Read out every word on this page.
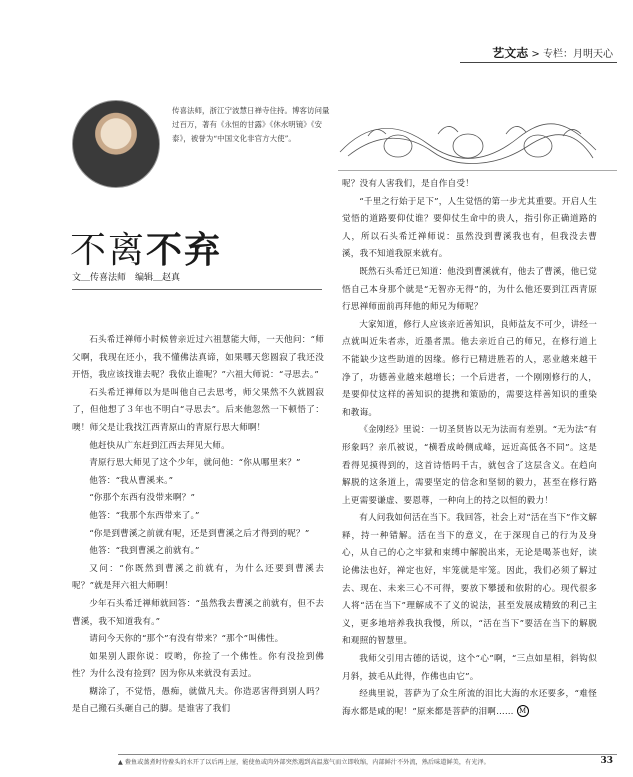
艺文志 > 专栏：月明天心
传喜法师，浙江宁波慧日禅寺住持。博客访问量过百万，著有《永恒的甘露》《休水明镜》《安泰》，被誉为“中国文化非官方大使”。
不离不弃
文＿传喜法师　编辑＿赵真

石头希迁禅师小时候曾亲近过六祖慧能大师，一天他问：“师父啊，我现在还小，我不懂佛法真谛，如果哪天您圆寂了我还没开悟，我应该找谁去呢？我依止谁呢？”六祖大师说：“寻思去。”

石头希迁禅师以为是叫他自己去思考，师父果然不久就圆寂了，但他想了３年也不明白“寻思去”。后来他忽然一下顿悟了：噢！师父是让我找江西青原山的青原行思大师啊！

他赶快从广东赶到江西去拜见大师。

青原行思大师见了这个少年，就问他：“你从哪里来？”

他答：“我从曹溪来。”

“你那个东西有没带来啊？”

他答：“我那个东西带来了。”

“你是到曹溪之前就有呢，还是到曹溪之后才得到的呢？”

他答：“我到曹溪之前就有。”

又问：“你既然到曹溪之前就有，为什么还要到曹溪去呢？”就是拜六祖大师啊！

少年石头希迁禅师就回答：“虽然我去曹溪之前就有，但不去曹溪，我不知道我有。”

请问今天你的“那个”有没有带来？“那个”叫佛性。

如果别人跟你说：哎哟，你捡了一个佛性。你有没捡到佛性？为什么没有捡到？因为你从来就没有丢过。

糊涂了，不觉悟，愚痴，就做凡夫。你造恶害得到别人吗？是自己搬石头砸自己的脚。是谁害了我们

呢？没有人害我们，是自作自受！

“千里之行始于足下”，人生觉悟的第一步尤其重要。开启人生觉悟的道路要仰仗谁？要仰仗生命中的贵人，指引你正确道路的人，所以石头希迁禅师说：虽然没到曹溪我也有，但我没去曹溪，我不知道我原来就有。

既然石头希迁已知道：他没到曹溪就有，他去了曹溪，他已觉悟自己本身那个就是“无智亦无得”的，为什么他还要到江西青原行思禅师面前再拜他的师兄为师呢？

大家知道，修行人应该亲近善知识，良师益友不可少，讲经一点就叫近朱者赤，近墨者黑。他去亲近自己的师兄，在修行道上不能缺少这些助道的因缘。修行已精进胜若的人，恶业越来越干净了，功德善业越来越增长；一个后进者，一个刚刚修行的人，是要仰仗这样的善知识的提携和策励的，需要这样善知识的重染和教诲。

《金刚经》里说：一切圣贤皆以无为法而有差别。“无为法”有形象吗？亲爪被说，“横看成岭侧成峰，远近高低各不同”。这是看得见摸得到的，这首诗悟吗千古，就包含了这层含义。在趋向解脱的这条道上，需要坚定的信念和坚韧的毅力，甚至在修行路上更需要谦虚、要恩尊，一种向上的持之以恒的毅力！

有人问我如何活在当下。我回答，社会上对“活在当下”作文解释，持一种错解。活在当下的意义，在于深现自己的行为及身心，从自己的心之牢狱和束缚中解脱出来，无论是喝茶也好，读论佛法也好，禅定也好，牢笼就是牢笼。因此，我们必须了解过去、现在、未来三心不可得，要放下攀援和依附的心。现代很多人将“活在当下”理解成不了义的说法，甚至发展成精致的利己主义，更多地培养我执我慢，所以，“活在当下”要活在当下的解脱和观照的智慧里。

我师父引用古德的话说，这个“心”啊，“三点如星相，斜钩似月斜，披毛从此得，作佛也由它”。

经典里说，菩萨为了众生所流的泪比大海的水还要多，“难怪海水都是咸的呢！”原来都是菩萨的泪啊…… M

▲ 鲞鱼或蒸煮时待鲞头的水开了以后再上屉，能使鱼或肉外部突然遇到高温蒸气而立即收缩，内部鲜汁不外流，熟后味道鲜美，有光泽。	33
